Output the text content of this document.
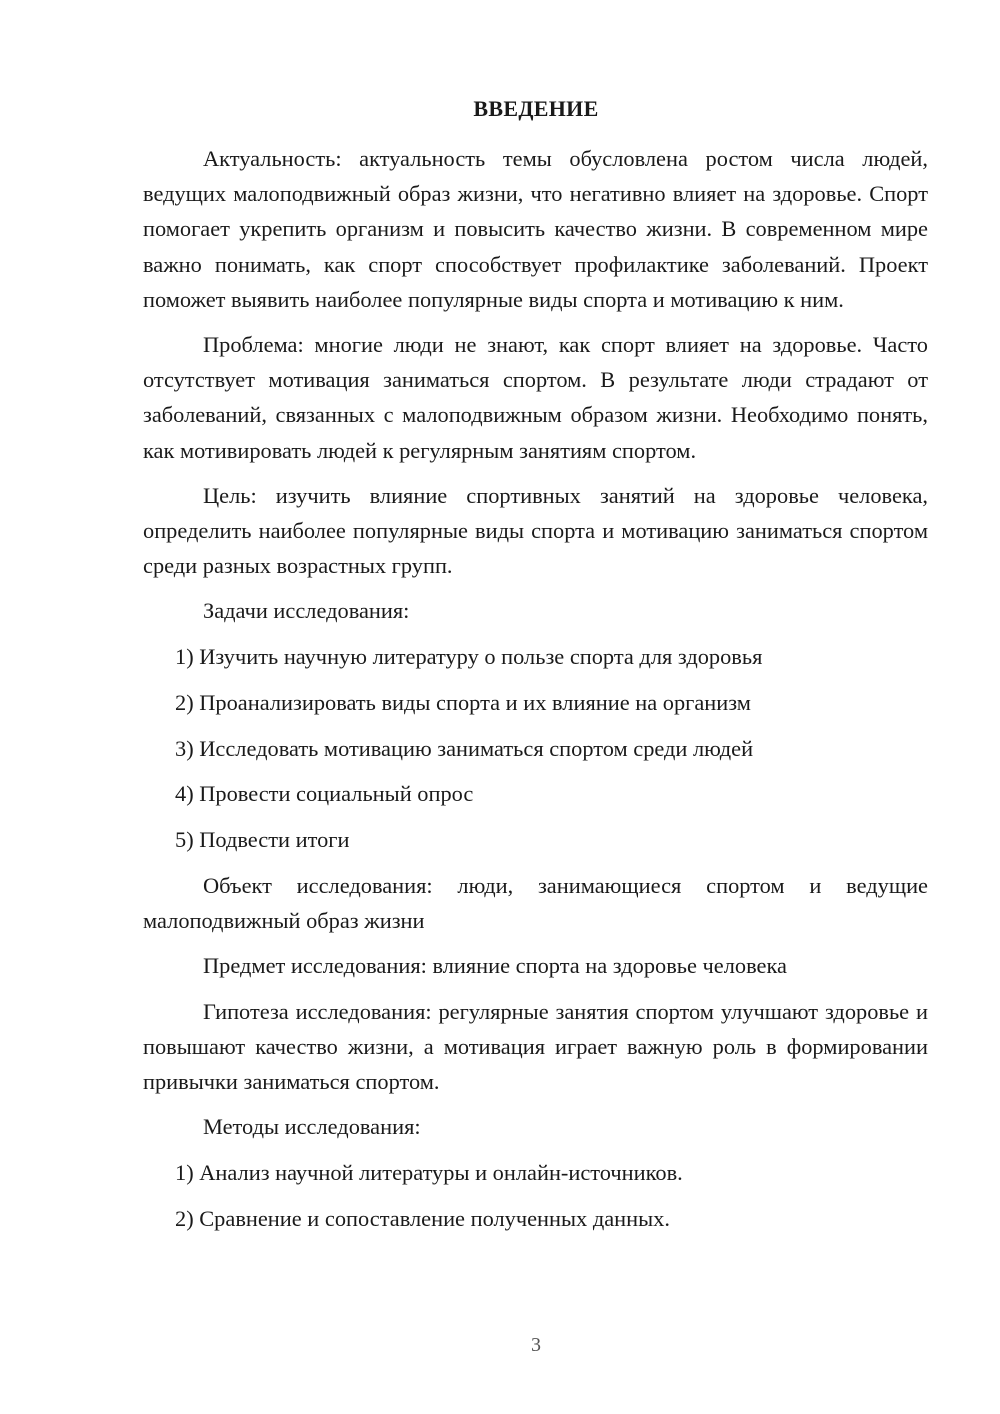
ВВЕДЕНИЕ

Актуальность: актуальность темы обусловлена ростом числа людей, ведущих малоподвижный образ жизни, что негативно влияет на здоровье. Спорт помогает укрепить организм и повысить качество жизни. В современном мире важно понимать, как спорт способствует профилактике заболеваний. Проект поможет выявить наиболее популярные виды спорта и мотивацию к ним.

Проблема: многие люди не знают, как спорт влияет на здоровье. Часто отсутствует мотивация заниматься спортом. В результате люди страдают от заболеваний, связанных с малоподвижным образом жизни. Необходимо понять, как мотивировать людей к регулярным занятиям спортом.

Цель: изучить влияние спортивных занятий на здоровье человека, определить наиболее популярные виды спорта и мотивацию заниматься спортом среди разных возрастных групп.

Задачи исследования:

1) Изучить научную литературу о пользе спорта для здоровья

2) Проанализировать виды спорта и их влияние на организм

3) Исследовать мотивацию заниматься спортом среди людей

4) Провести социальный опрос

5) Подвести итоги

Объект исследования: люди, занимающиеся спортом и ведущие малоподвижный образ жизни

Предмет исследования: влияние спорта на здоровье человека

Гипотеза исследования: регулярные занятия спортом улучшают здоровье и повышают качество жизни, а мотивация играет важную роль в формировании привычки заниматься спортом.

Методы исследования:

1) Анализ научной литературы и онлайн-источников.

2) Сравнение и сопоставление полученных данных.

3
